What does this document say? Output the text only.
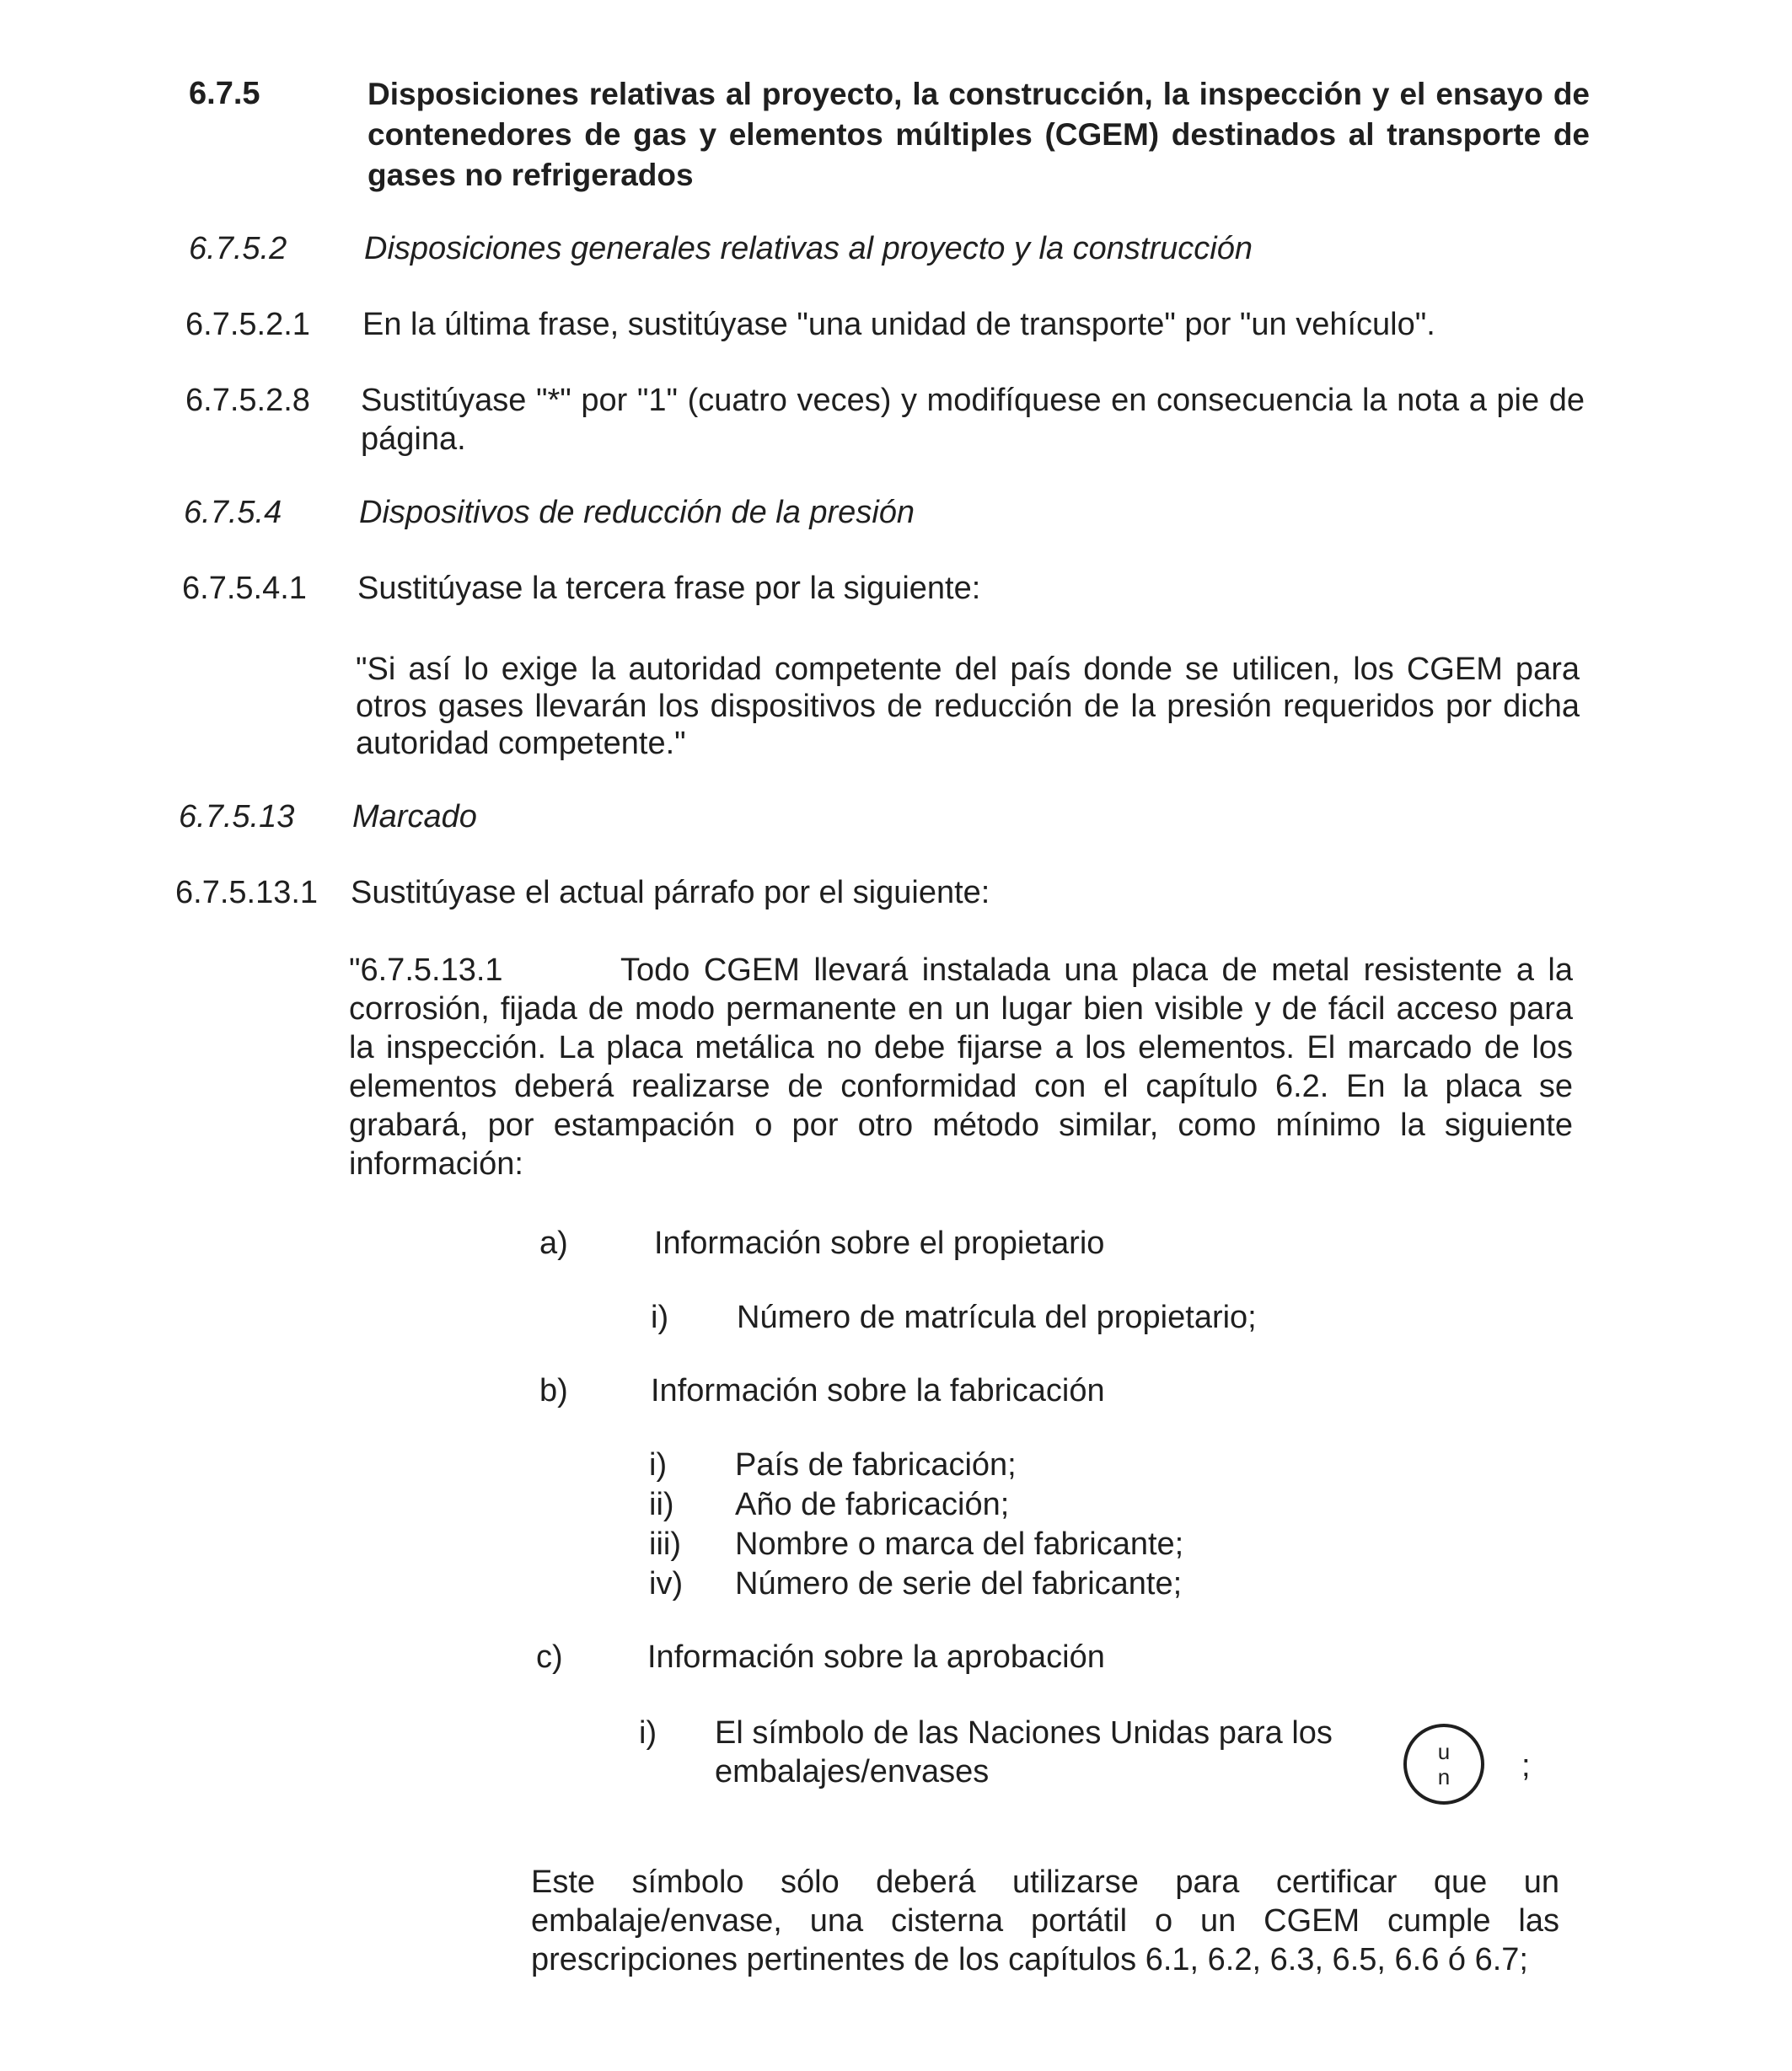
6.7.5	Disposiciones relativas al proyecto, la construcción, la inspección y el ensayo de contenedores de gas y elementos múltiples (CGEM) destinados al transporte de gases no refrigerados
6.7.5.2	Disposiciones generales relativas al proyecto y la construcción
6.7.5.2.1	En la última frase, sustitúyase "una unidad de transporte" por "un vehículo".
6.7.5.2.8	Sustitúyase "*" por "1" (cuatro veces) y modifíquese en consecuencia la nota a pie de página.
6.7.5.4	Dispositivos de reducción de la presión
6.7.5.4.1	Sustitúyase la tercera frase por la siguiente:
"Si así lo exige la autoridad competente del país donde se utilicen, los CGEM para otros gases llevarán los dispositivos de reducción de la presión requeridos por dicha autoridad competente."
6.7.5.13	Marcado
6.7.5.13.1	Sustitúyase el actual párrafo por el siguiente:
"6.7.5.13.1	Todo CGEM llevará instalada una placa de metal resistente a la corrosión, fijada de modo permanente en un lugar bien visible y de fácil acceso para la inspección. La placa metálica no debe fijarse a los elementos. El marcado de los elementos deberá realizarse de conformidad con el capítulo 6.2. En la placa se grabará, por estampación o por otro método similar, como mínimo la siguiente información:
a)	Información sobre el propietario
i)	Número de matrícula del propietario;
b)	Información sobre la fabricación
i)	País de fabricación;
ii)	Año de fabricación;
iii)	Nombre o marca del fabricante;
iv)	Número de serie del fabricante;
c)	Información sobre la aprobación
i)	El símbolo de las Naciones Unidas para los embalajes/envases
u
n ;
Este símbolo sólo deberá utilizarse para certificar que un embalaje/envase, una cisterna portátil o un CGEM cumple las prescripciones pertinentes de los capítulos 6.1, 6.2, 6.3, 6.5, 6.6 ó 6.7;
